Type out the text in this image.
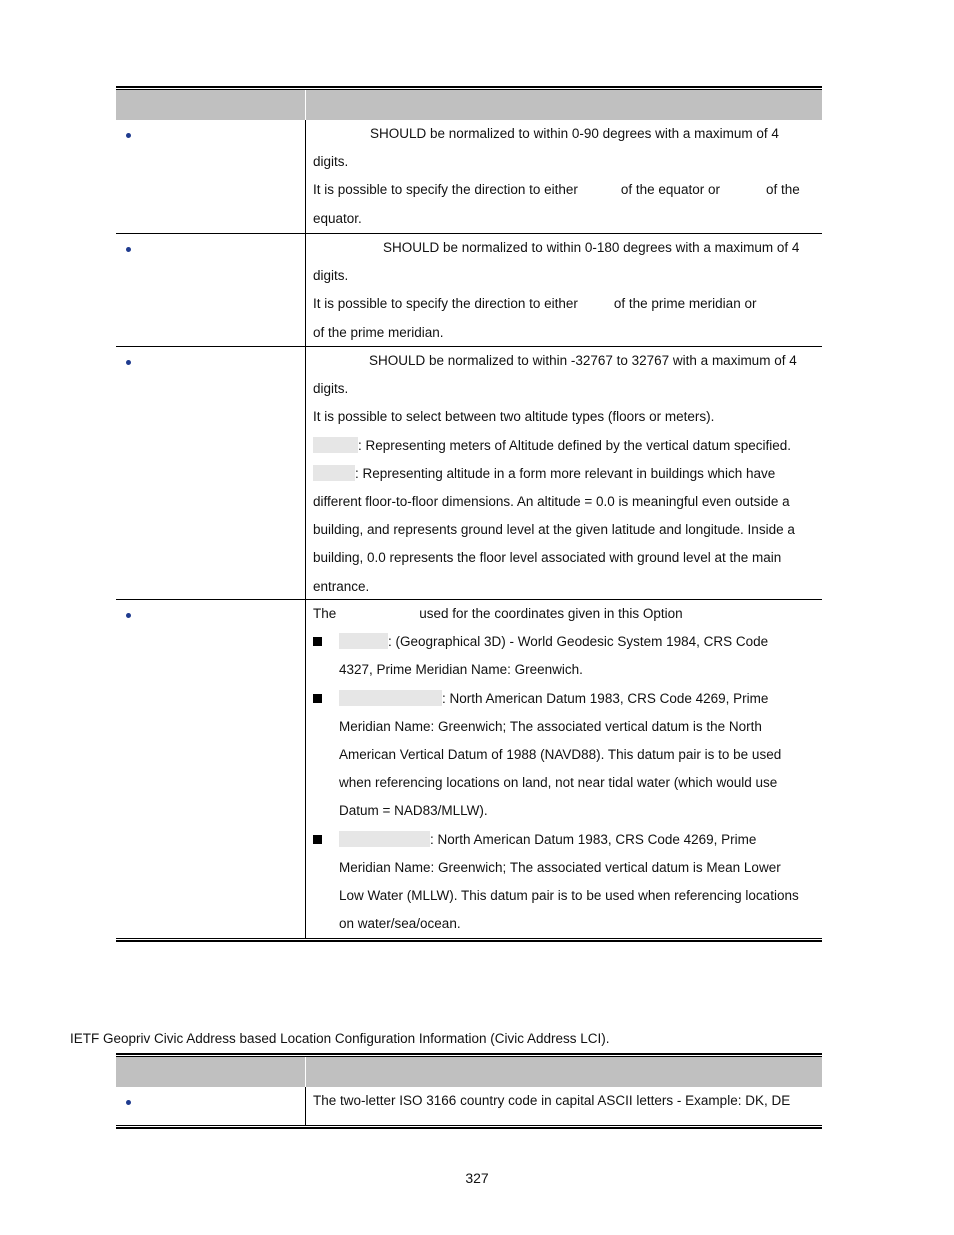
SHOULD be normalized to within 0-90 degrees with a maximum of 4

digits.

It is possible to specify the direction to either	of the equator or	of the

equator.

SHOULD be normalized to within 0-180 degrees with a maximum of 4

digits.

It is possible to specify the direction to either	of the prime meridian or

of the prime meridian.

SHOULD be normalized to within -32767 to 32767 with a maximum of 4

digits.

It is possible to select between two altitude types (floors or meters).

: Representing meters of Altitude defined by the vertical datum specified.

: Representing altitude in a form more relevant in buildings which have

different floor-to-floor dimensions. An altitude = 0.0 is meaningful even outside a

building, and represents ground level at the given latitude and longitude. Inside a

building, 0.0 represents the floor level associated with ground level at the main

entrance.

The	used for the coordinates given in this Option

: (Geographical 3D) - World Geodesic System 1984, CRS Code

4327, Prime Meridian Name: Greenwich.

: North American Datum 1983, CRS Code 4269, Prime

Meridian Name: Greenwich; The associated vertical datum is the North

American Vertical Datum of 1988 (NAVD88). This datum pair is to be used

when referencing locations on land, not near tidal water (which would use

Datum = NAD83/MLLW).

: North American Datum 1983, CRS Code 4269, Prime

Meridian Name: Greenwich; The associated vertical datum is Mean Lower

Low Water (MLLW). This datum pair is to be used when referencing locations

on water/sea/ocean.

IETF Geopriv Civic Address based Location Configuration Information (Civic Address LCI).

The two-letter ISO 3166 country code in capital ASCII letters - Example: DK, DE

327
